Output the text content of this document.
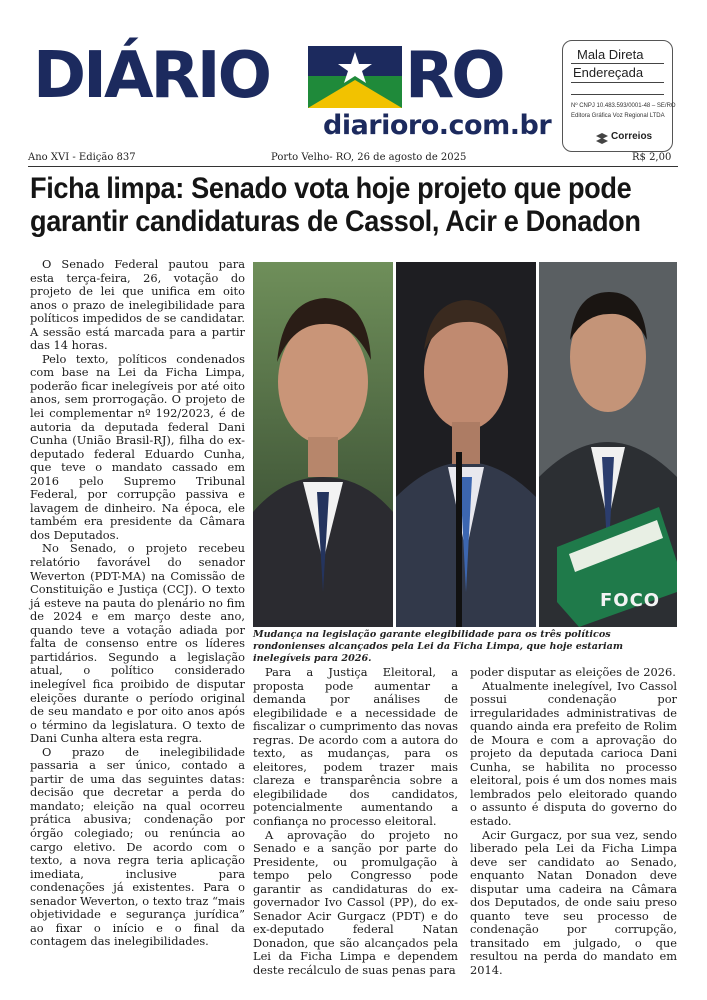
DIÁRIO RO
diarioro.com.br
Mala Direta
Endereçada
Nº CNPJ 10.483.593/0001-48 – SE/RO
Editora Gráfica Voz Regional LTDA
Correios
Ano XVI - Edição 837	Porto Velho- RO, 26 de agosto de 2025	R$ 2,00
Ficha limpa: Senado vota hoje projeto que pode
garantir candidaturas de Cassol, Acir e Donadon

O Senado Federal pautou para esta terça-feira, 26, votação do projeto de lei que unifica em oito anos o prazo de inelegibilidade para políticos impedidos de se candidatar. A sessão está marcada para a partir das 14 horas.

Pelo texto, políticos condenados com base na Lei da Ficha Limpa, poderão ficar inelegíveis por até oito anos, sem prorrogação. O projeto de lei complementar nº 192/2023, é de autoria da deputada federal Dani Cunha (União Brasil-RJ), filha do ex-deputado federal Eduardo Cunha, que teve o mandato cassado em 2016 pelo Supremo Tribunal Federal, por corrupção passiva e lavagem de dinheiro. Na época, ele também era presidente da Câmara dos Deputados.

No Senado, o projeto recebeu relatório favorável do senador Weverton (PDT-MA) na Comissão de Constituição e Justiça (CCJ). O texto já esteve na pauta do plenário no fim de 2024 e em março deste ano, quando teve a votação adiada por falta de consenso entre os líderes partidários. Segundo a legislação atual, o político considerado inelegível fica proibido de disputar eleições durante o período original de seu mandato e por oito anos após o término da legislatura. O texto de Dani Cunha altera esta regra.

O prazo de inelegibilidade passaria a ser único, contado a partir de uma das seguintes datas: decisão que decretar a perda do mandato; eleição na qual ocorreu prática abusiva; condenação por órgão colegiado; ou renúncia ao cargo eletivo. De acordo com o texto, a nova regra teria aplicação imediata, inclusive para condenações já existentes. Para o senador Weverton, o texto traz “mais objetividade e segurança jurídica” ao fixar o início e o final da contagem das inelegibilidades.

FOCO
Mudança na legislação garante elegibilidade para os três políticos rondonienses alcançados pela Lei da Ficha Limpa, que hoje estariam inelegíveis para 2026.

Para a Justiça Eleitoral, a proposta pode aumentar a demanda por análises de elegibilidade e a necessidade de fiscalizar o cumprimento das novas regras. De acordo com a autora do texto, as mudanças, para os eleitores, podem trazer mais clareza e transparência sobre a elegibilidade dos candidatos, potencialmente aumentando a confiança no processo eleitoral.

A aprovação do projeto no Senado e a sanção por parte do Presidente, ou promulgação à tempo pelo Congresso pode garantir as candidaturas do ex-governador Ivo Cassol (PP), do ex-Senador Acir Gurgacz (PDT) e do ex-deputado federal Natan Donadon, que são alcançados pela Lei da Ficha Limpa e dependem deste recálculo de suas penas para

poder disputar as eleições de 2026.

Atualmente inelegível, Ivo Cassol possui condenação por irregularidades administrativas de quando ainda era prefeito de Rolim de Moura e com a aprovação do projeto da deputada carioca Dani Cunha, se habilita no processo eleitoral, pois é um dos nomes mais lembrados pelo eleitorado quando o assunto é disputa do governo do estado.

Acir Gurgacz, por sua vez, sendo liberado pela Lei da Ficha Limpa deve ser candidato ao Senado, enquanto Natan Donadon deve disputar uma cadeira na Câmara dos Deputados, de onde saiu preso quanto teve seu processo de condenação por corrupção, transitado em julgado, o que resultou na perda do mandato em 2014.
